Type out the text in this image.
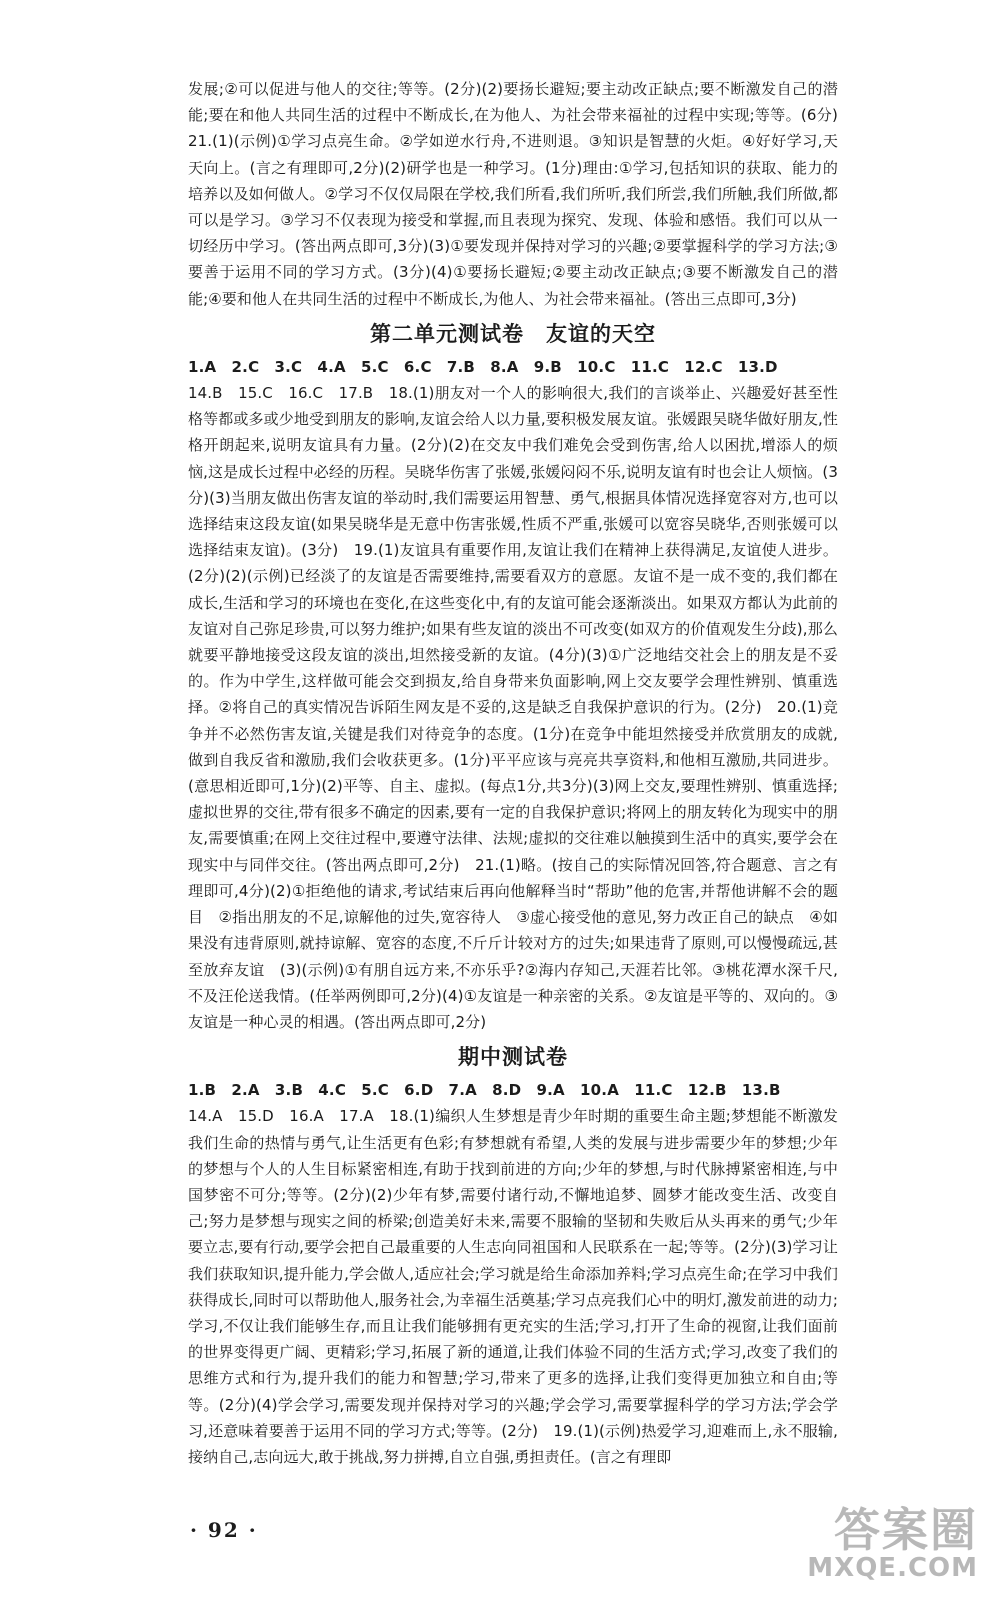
发展;②可以促进与他人的交往;等等。(2分)(2)要扬长避短;要主动改正缺点;要不断激发自己的潜能;要在和他人共同生活的过程中不断成长,在为他人、为社会带来福祉的过程中实现;等等。(6分) 21.(1)(示例)①学习点亮生命。②学如逆水行舟,不进则退。③知识是智慧的火炬。④好好学习,天天向上。(言之有理即可,2分)(2)研学也是一种学习。(1分)理由:①学习,包括知识的获取、能力的培养以及如何做人。②学习不仅仅局限在学校,我们所看,我们所听,我们所尝,我们所触,我们所做,都可以是学习。③学习不仅表现为接受和掌握,而且表现为探究、发现、体验和感悟。我们可以从一切经历中学习。(答出两点即可,3分)(3)①要发现并保持对学习的兴趣;②要掌握科学的学习方法;③要善于运用不同的学习方式。(3分)(4)①要扬长避短;②要主动改正缺点;③要不断激发自己的潜能;④要和他人在共同生活的过程中不断成长,为他人、为社会带来福祉。(答出三点即可,3分)

第二单元测试卷　友谊的天空

1.A　2.C　3.C　4.A　5.C　6.C　7.B　8.A　9.B　10.C　11.C　12.C　13.D

14.B　15.C　16.C　17.B　18.(1)朋友对一个人的影响很大,我们的言谈举止、兴趣爱好甚至性格等都或多或少地受到朋友的影响,友谊会给人以力量,要积极发展友谊。张媛跟吴晓华做好朋友,性格开朗起来,说明友谊具有力量。(2分)(2)在交友中我们难免会受到伤害,给人以困扰,增添人的烦恼,这是成长过程中必经的历程。吴晓华伤害了张媛,张媛闷闷不乐,说明友谊有时也会让人烦恼。(3分)(3)当朋友做出伤害友谊的举动时,我们需要运用智慧、勇气,根据具体情况选择宽容对方,也可以选择结束这段友谊(如果吴晓华是无意中伤害张媛,性质不严重,张媛可以宽容吴晓华,否则张媛可以选择结束友谊)。(3分)　19.(1)友谊具有重要作用,友谊让我们在精神上获得满足,友谊使人进步。(2分)(2)(示例)已经淡了的友谊是否需要维持,需要看双方的意愿。友谊不是一成不变的,我们都在成长,生活和学习的环境也在变化,在这些变化中,有的友谊可能会逐渐淡出。如果双方都认为此前的友谊对自己弥足珍贵,可以努力维护;如果有些友谊的淡出不可改变(如双方的价值观发生分歧),那么就要平静地接受这段友谊的淡出,坦然接受新的友谊。(4分)(3)①广泛地结交社会上的朋友是不妥的。作为中学生,这样做可能会交到损友,给自身带来负面影响,网上交友要学会理性辨别、慎重选择。②将自己的真实情况告诉陌生网友是不妥的,这是缺乏自我保护意识的行为。(2分)　20.(1)竞争并不必然伤害友谊,关键是我们对待竞争的态度。(1分)在竞争中能坦然接受并欣赏朋友的成就,做到自我反省和激励,我们会收获更多。(1分)平平应该与亮亮共享资料,和他相互激励,共同进步。(意思相近即可,1分)(2)平等、自主、虚拟。(每点1分,共3分)(3)网上交友,要理性辨别、慎重选择;虚拟世界的交往,带有很多不确定的因素,要有一定的自我保护意识;将网上的朋友转化为现实中的朋友,需要慎重;在网上交往过程中,要遵守法律、法规;虚拟的交往难以触摸到生活中的真实,要学会在现实中与同伴交往。(答出两点即可,2分)　21.(1)略。(按自己的实际情况回答,符合题意、言之有理即可,4分)(2)①拒绝他的请求,考试结束后再向他解释当时“帮助”他的危害,并帮他讲解不会的题目　②指出朋友的不足,谅解他的过失,宽容待人　③虚心接受他的意见,努力改正自己的缺点　④如果没有违背原则,就持谅解、宽容的态度,不斤斤计较对方的过失;如果违背了原则,可以慢慢疏远,甚至放弃友谊　(3)(示例)①有朋自远方来,不亦乐乎?②海内存知己,天涯若比邻。③桃花潭水深千尺,不及汪伦送我情。(任举两例即可,2分)(4)①友谊是一种亲密的关系。②友谊是平等的、双向的。③友谊是一种心灵的相遇。(答出两点即可,2分)

期中测试卷

1.B　2.A　3.B　4.C　5.C　6.D　7.A　8.D　9.A　10.A　11.C　12.B　13.B

14.A　15.D　16.A　17.A　18.(1)编织人生梦想是青少年时期的重要生命主题;梦想能不断激发我们生命的热情与勇气,让生活更有色彩;有梦想就有希望,人类的发展与进步需要少年的梦想;少年的梦想与个人的人生目标紧密相连,有助于找到前进的方向;少年的梦想,与时代脉搏紧密相连,与中国梦密不可分;等等。(2分)(2)少年有梦,需要付诸行动,不懈地追梦、圆梦才能改变生活、改变自己;努力是梦想与现实之间的桥梁;创造美好未来,需要不服输的坚韧和失败后从头再来的勇气;少年要立志,要有行动,要学会把自己最重要的人生志向同祖国和人民联系在一起;等等。(2分)(3)学习让我们获取知识,提升能力,学会做人,适应社会;学习就是给生命添加养料;学习点亮生命;在学习中我们获得成长,同时可以帮助他人,服务社会,为幸福生活奠基;学习点亮我们心中的明灯,激发前进的动力;学习,不仅让我们能够生存,而且让我们能够拥有更充实的生活;学习,打开了生命的视窗,让我们面前的世界变得更广阔、更精彩;学习,拓展了新的通道,让我们体验不同的生活方式;学习,改变了我们的思维方式和行为,提升我们的能力和智慧;学习,带来了更多的选择,让我们变得更加独立和自由;等等。(2分)(4)学会学习,需要发现并保持对学习的兴趣;学会学习,需要掌握科学的学习方法;学会学习,还意味着要善于运用不同的学习方式;等等。(2分)　19.(1)(示例)热爱学习,迎难而上,永不服输,接纳自己,志向远大,敢于挑战,努力拼搏,自立自强,勇担责任。(言之有理即

· 92 ·	答案圈
MXQE.COM
